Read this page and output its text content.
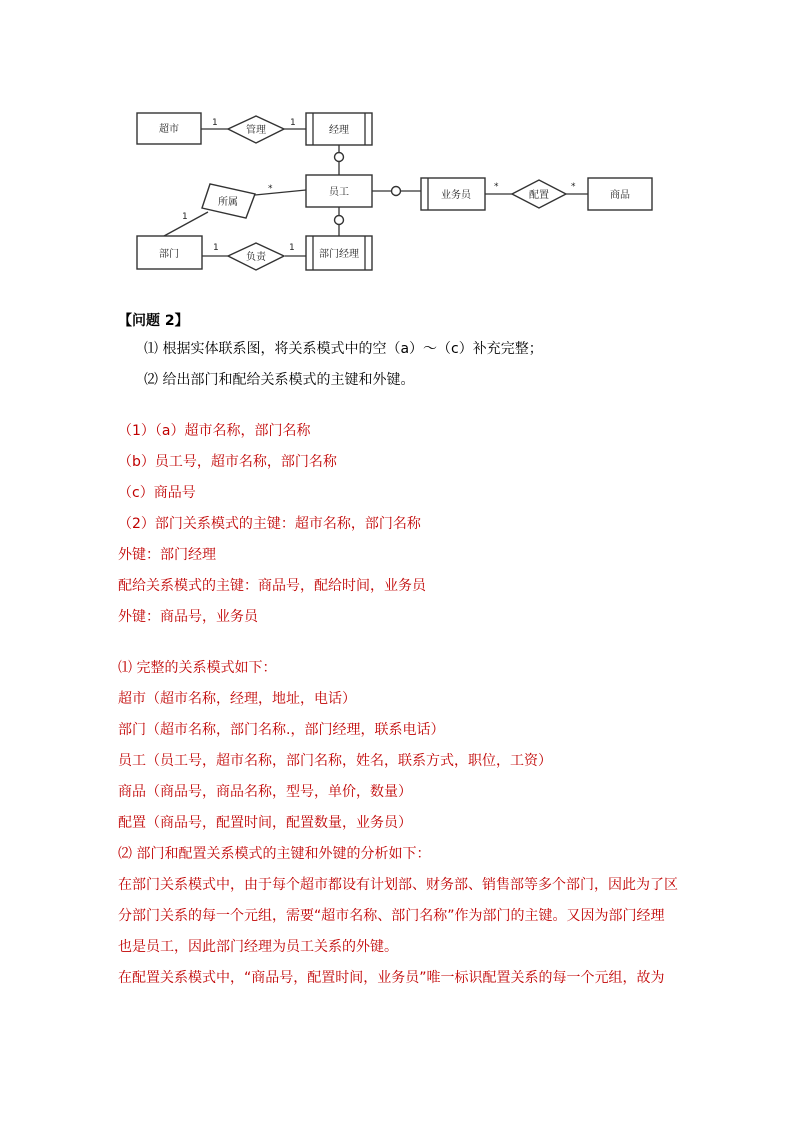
超市	经理
员工	业务员	商品
部门	部门经理
管理
所属
负责
配置
1	1
*
1
1	1
*	*
【问题 2】
⑴ 根据实体联系图，将关系模式中的空（a）～（c）补充完整；
⑵ 给出部门和配给关系模式的主键和外键。
（1）（a）超市名称，部门名称
（b）员工号，超市名称，部门名称
（c）商品号
（2）部门关系模式的主键：超市名称，部门名称
外键：部门经理
配给关系模式的主键：商品号，配给时间，业务员
外键：商品号，业务员
⑴ 完整的关系模式如下：
超市（超市名称，经理，地址，电话）
部门（超市名称，部门名称.，部门经理，联系电话）
员工（员工号，超市名称，部门名称，姓名，联系方式，职位，工资）
商品（商品号，商品名称，型号，单价，数量）
配置（商品号，配置时间，配置数量，业务员）
⑵ 部门和配置关系模式的主键和外键的分析如下：
在部门关系模式中，由于每个超市都设有计划部、财务部、销售部等多个部门，因此为了区分部门关系的每一个元组，需要“超市名称、部门名称”作为部门的主键。又因为部门经理也是员工，因此部门经理为员工关系的外键。
在配置关系模式中，“商品号，配置时间，业务员”唯一标识配置关系的每一个元组，故为
